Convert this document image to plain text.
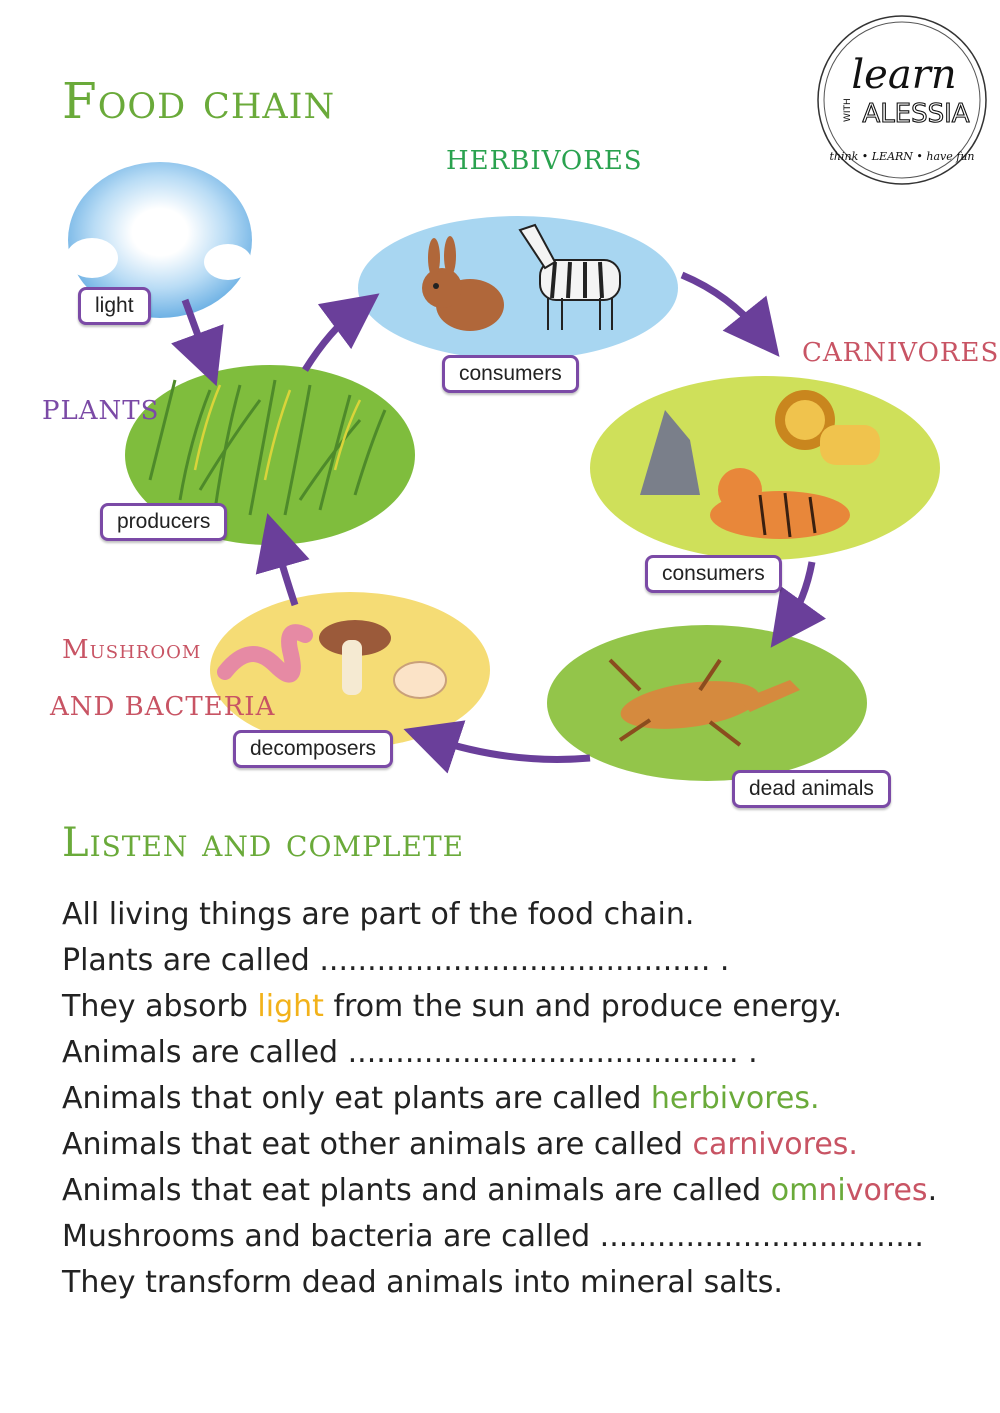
Food chain	learn
WITH ALESSIA
think • LEARN • have fun
HERBIVORES
CARNIVORES
PLANTS
Mushroom
AND BACTERIA
light
producers
consumers
consumers
dead animals
decomposers
Listen and complete
All living things are part of the food chain.
Plants are called ......................................... .
They absorb light from the sun and produce energy.
Animals are called ......................................... .
Animals that only eat plants are called herbivores.
Animals that eat other animals are called carnivores.
Animals that eat plants and animals are called omnivores.
Mushrooms and bacteria are called ..................................
They transform dead animals into mineral salts.
